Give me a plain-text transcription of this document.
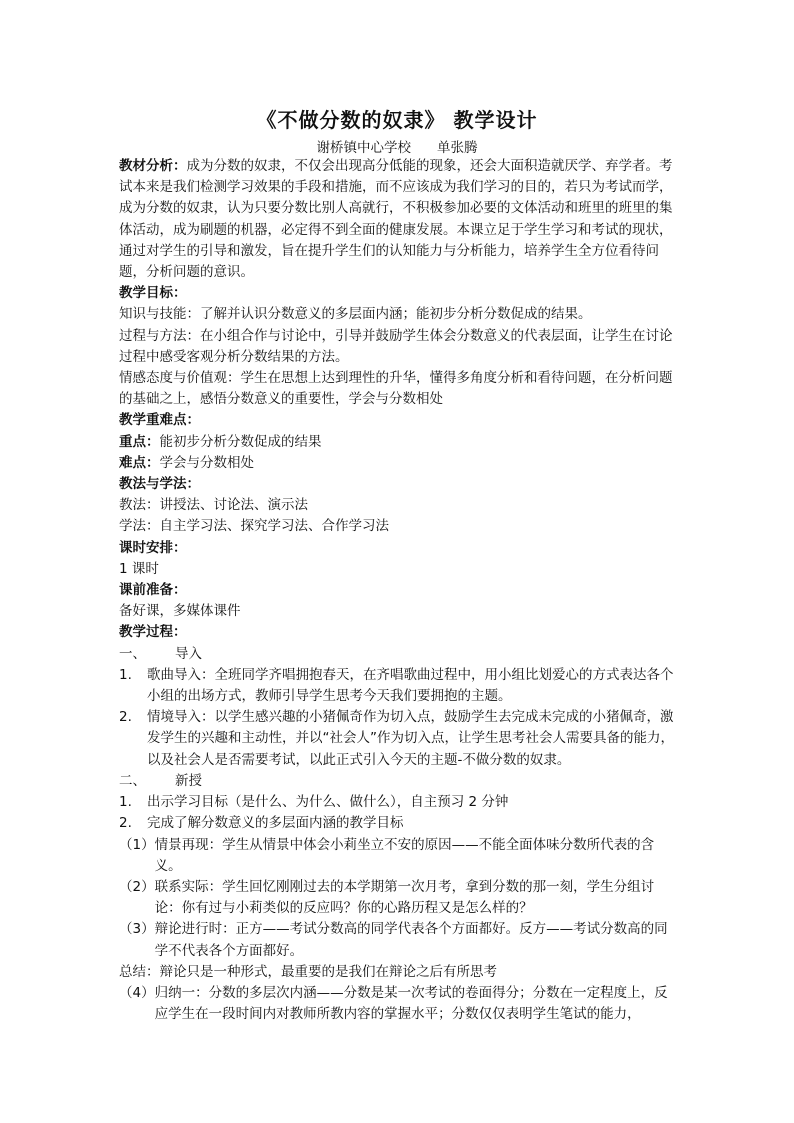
《不做分数的奴隶》 教学设计
谢桥镇中心学校 单张腾

教材分析：成为分数的奴隶，不仅会出现高分低能的现象，还会大面积造就厌学、弃学者。考试本来是我们检测学习效果的手段和措施，而不应该成为我们学习的目的，若只为考试而学，成为分数的奴隶，认为只要分数比别人高就行，不积极参加必要的文体活动和班里的班里的集体活动，成为刷题的机器，必定得不到全面的健康发展。本课立足于学生学习和考试的现状，通过对学生的引导和激发，旨在提升学生们的认知能力与分析能力，培养学生全方位看待问题，分析问题的意识。

教学目标：

知识与技能：了解并认识分数意义的多层面内涵；能初步分析分数促成的结果。

过程与方法：在小组合作与讨论中，引导并鼓励学生体会分数意义的代表层面，让学生在讨论过程中感受客观分析分数结果的方法。

情感态度与价值观：学生在思想上达到理性的升华，懂得多角度分析和看待问题，在分析问题的基础之上，感悟分数意义的重要性，学会与分数相处

教学重难点：

重点：能初步分析分数促成的结果

难点：学会与分数相处

教法与学法：

教法：讲授法、讨论法、演示法

学法：自主学习法、探究学习法、合作学习法

课时安排：

1 课时

课前准备：

备好课，多媒体课件

教学过程：

一、	导入
1.	歌曲导入：全班同学齐唱拥抱春天，在齐唱歌曲过程中，用小组比划爱心的方式表达各个小组的出场方式，教师引导学生思考今天我们要拥抱的主题。
2.	情境导入：以学生感兴趣的小猪佩奇作为切入点，鼓励学生去完成未完成的小猪佩奇，激发学生的兴趣和主动性，并以“社会人”作为切入点，让学生思考社会人需要具备的能力，以及社会人是否需要考试，以此正式引入今天的主题-不做分数的奴隶。
二、	新授
1.	出示学习目标（是什么、为什么、做什么），自主预习 2 分钟
2.	完成了解分数意义的多层面内涵的教学目标
（1） 情景再现：学生从情景中体会小莉坐立不安的原因——不能全面体味分数所代表的含义。
（2） 联系实际：学生回忆刚刚过去的本学期第一次月考，拿到分数的那一刻，学生分组讨论：你有过与小莉类似的反应吗？你的心路历程又是怎么样的？
（3） 辩论进行时：正方——考试分数高的同学代表各个方面都好。反方——考试分数高的同学不代表各个方面都好。

总结：辩论只是一种形式，最重要的是我们在辩论之后有所思考

（4） 归纳一：分数的多层次内涵——分数是某一次考试的卷面得分；分数在一定程度上，反应学生在一段时间内对教师所教内容的掌握水平；分数仅仅表明学生笔试的能力，
